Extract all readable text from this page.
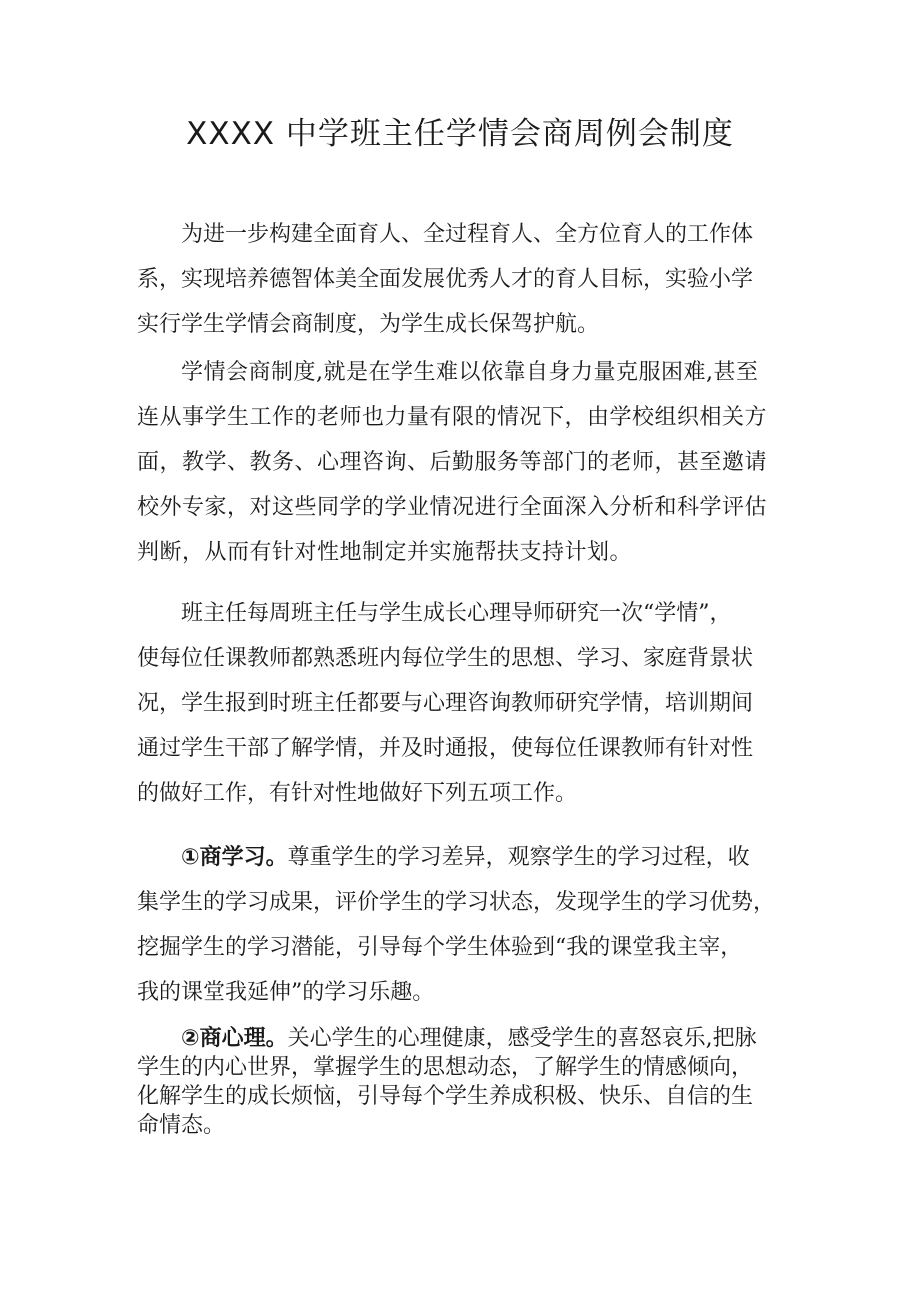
XXXX 中学班主任学情会商周例会制度
为进一步构建全面育人、全过程育人、全方位育人的工作体
系，实现培养德智体美全面发展优秀人才的育人目标，实验小学
实行学生学情会商制度，为学生成长保驾护航。
学情会商制度,就是在学生难以依靠自身力量克服困难,甚至
连从事学生工作的老师也力量有限的情况下，由学校组织相关方
面，教学、教务、心理咨询、后勤服务等部门的老师，甚至邀请
校外专家，对这些同学的学业情况进行全面深入分析和科学评估
判断，从而有针对性地制定并实施帮扶支持计划。
班主任每周班主任与学生成长心理导师研究一次“学情”，
使每位任课教师都熟悉班内每位学生的思想、学习、家庭背景状
况，学生报到时班主任都要与心理咨询教师研究学情，培训期间
通过学生干部了解学情，并及时通报，使每位任课教师有针对性
的做好工作，有针对性地做好下列五项工作。
①商学习。尊重学生的学习差异，观察学生的学习过程，收
集学生的学习成果，评价学生的学习状态，发现学生的学习优势，
挖掘学生的学习潜能，引导每个学生体验到“我的课堂我主宰，
我的课堂我延伸”的学习乐趣。
②商心理。关心学生的心理健康，感受学生的喜怒哀乐,把脉
学生的内心世界，掌握学生的思想动态，了解学生的情感倾向，
化解学生的成长烦恼，引导每个学生养成积极、快乐、自信的生
命情态。
